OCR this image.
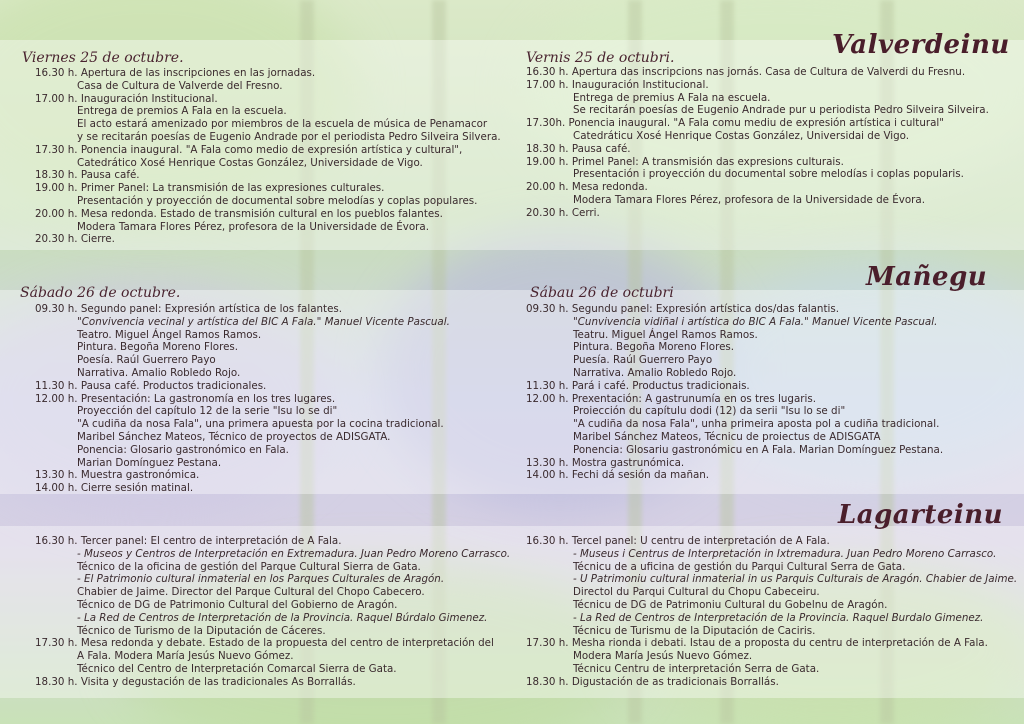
Valverdeinu
Mañegu
Lagarteinu
Viernes 25 de octubre.
16.30 h. Apertura de las inscripciones en las jornadas.
Casa de Cultura de Valverde del Fresno.
17.00 h. Inauguración Institucional.
Entrega de premios A Fala en la escuela.
El acto estará amenizado por miembros de la escuela de música de Penamacor
y se recitarán poesías de Eugenio Andrade por el periodista Pedro Silveira Silvera.
17.30 h. Ponencia inaugural. "A Fala como medio de expresión artística y cultural",
Catedrático Xosé Henrique Costas González, Universidade de Vigo.
18.30 h. Pausa café.
19.00 h. Primer Panel: La transmisión de las expresiones culturales.
Presentación y proyección de documental sobre melodías y coplas populares.
20.00 h. Mesa redonda. Estado de transmisión cultural en los pueblos falantes.
Modera Tamara Flores Pérez, profesora de la Universidade de Évora.
20.30 h. Cierre.
Vernis 25 de octubri.
16.30 h. Apertura das inscripcions nas jornás. Casa de Cultura de Valverdi du Fresnu.
17.00 h. Inauguración Institucional.
Entrega de premius A Fala na escuela.
Se recitarán poesías de Eugenio Andrade pur u periodista Pedro Silveira Silveira.
17.30h. Ponencia inaugural. "A Fala comu mediu de expresión artística i cultural"
Catedráticu Xosé Henrique Costas González, Universidai de Vigo.
18.30 h. Pausa café.
19.00 h. Primel Panel: A transmisión das expresions culturais.
Presentación i proyección du documental sobre melodías i coplas popularis.
20.00 h. Mesa redonda.
Modera Tamara Flores Pérez, profesora de la Universidade de Évora.
20.30 h. Cerri.
Sábado 26 de octubre.
09.30 h. Segundo panel: Expresión artística de los falantes.
"Convivencia vecinal y artística del BIC A Fala." Manuel Vicente Pascual.
Teatro. Miguel Ángel Ramos Ramos.
Pintura. Begoña Moreno Flores.
Poesía. Raúl Guerrero Payo
Narrativa. Amalio Robledo Rojo.
11.30 h. Pausa café. Productos tradicionales.
12.00 h. Presentación: La gastronomía en los tres lugares.
Proyección del capítulo 12 de la serie "Isu lo se di"
"A cudiña da nosa Fala", una primera apuesta por la cocina tradicional.
Maribel Sánchez Mateos, Técnico de proyectos de ADISGATA.
Ponencia: Glosario gastronómico en Fala.
Marian Domínguez Pestana.
13.30 h. Muestra gastronómica.
14.00 h. Cierre sesión matinal.
Sábau 26 de octubri
09.30 h. Segundu panel: Expresión artística dos/das falantis.
"Cunvivencia vidiñal i artística do BIC A Fala." Manuel Vicente Pascual.
Teatru. Miguel Ángel Ramos Ramos.
Pintura. Begoña Moreno Flores.
Puesía. Raúl Guerrero Payo
Narrativa. Amalio Robledo Rojo.
11.30 h. Pará i café. Productus tradicionais.
12.00 h. Prexentación: A gastrunumía en os tres lugaris.
Proiección du capítulu dodi (12) da serii "Isu lo se di"
"A cudiña da nosa Fala", unha primeira aposta pol a cudiña tradicional.
Maribel Sánchez Mateos, Técnicu de proiectus de ADISGATA
Ponencia: Glosariu gastronómicu en A Fala. Marian Domínguez Pestana.
13.30 h. Mostra gastrunómica.
14.00 h. Fechi dá sesión da mañan.
16.30 h. Tercer panel: El centro de interpretación de A Fala.
- Museos y Centros de Interpretación en Extremadura. Juan Pedro Moreno Carrasco.
Técnico de la oficina de gestión del Parque Cultural Sierra de Gata.
- El Patrimonio cultural inmaterial en los Parques Culturales de Aragón.
Chabier de Jaime. Director del Parque Cultural del Chopo Cabecero.
Técnico de DG de Patrimonio Cultural del Gobierno de Aragón.
- La Red de Centros de Interpretación de la Provincia. Raquel Búrdalo Gimenez.
Técnico de Turismo de la Diputación de Cáceres.
17.30 h. Mesa redonda y debate. Estado de la propuesta del centro de interpretación del
A Fala. Modera María Jesús Nuevo Gómez.
Técnico del Centro de Interpretación Comarcal Sierra de Gata.
18.30 h. Visita y degustación de las tradicionales As Borrallás.
16.30 h. Tercel panel: U centru de interpretación de A Fala.
- Museus i Centrus de Interpretación in Ixtremadura. Juan Pedro Moreno Carrasco.
Técnicu de a uficina de gestión du Parqui Cultural Serra de Gata.
- U Patrimoniu cultural inmaterial in us Parquis Culturais de Aragón. Chabier de Jaime.
Directol du Parqui Cultural du Chopu Cabeceiru.
Técnicu de DG de Patrimoniu Cultural du Gobelnu de Aragón.
- La Red de Centros de Interpretación de la Provincia. Raquel Burdalo Gimenez.
Técnicu de Turismu de la Diputación de Caciris.
17.30 h. Mesha rionda i debati. Istau de a proposta du centru de interpretación de A Fala.
Modera María Jesús Nuevo Gómez.
Técnicu Centru de interpretación Serra de Gata.
18.30 h. Digustación de as tradicionais Borrallás.
